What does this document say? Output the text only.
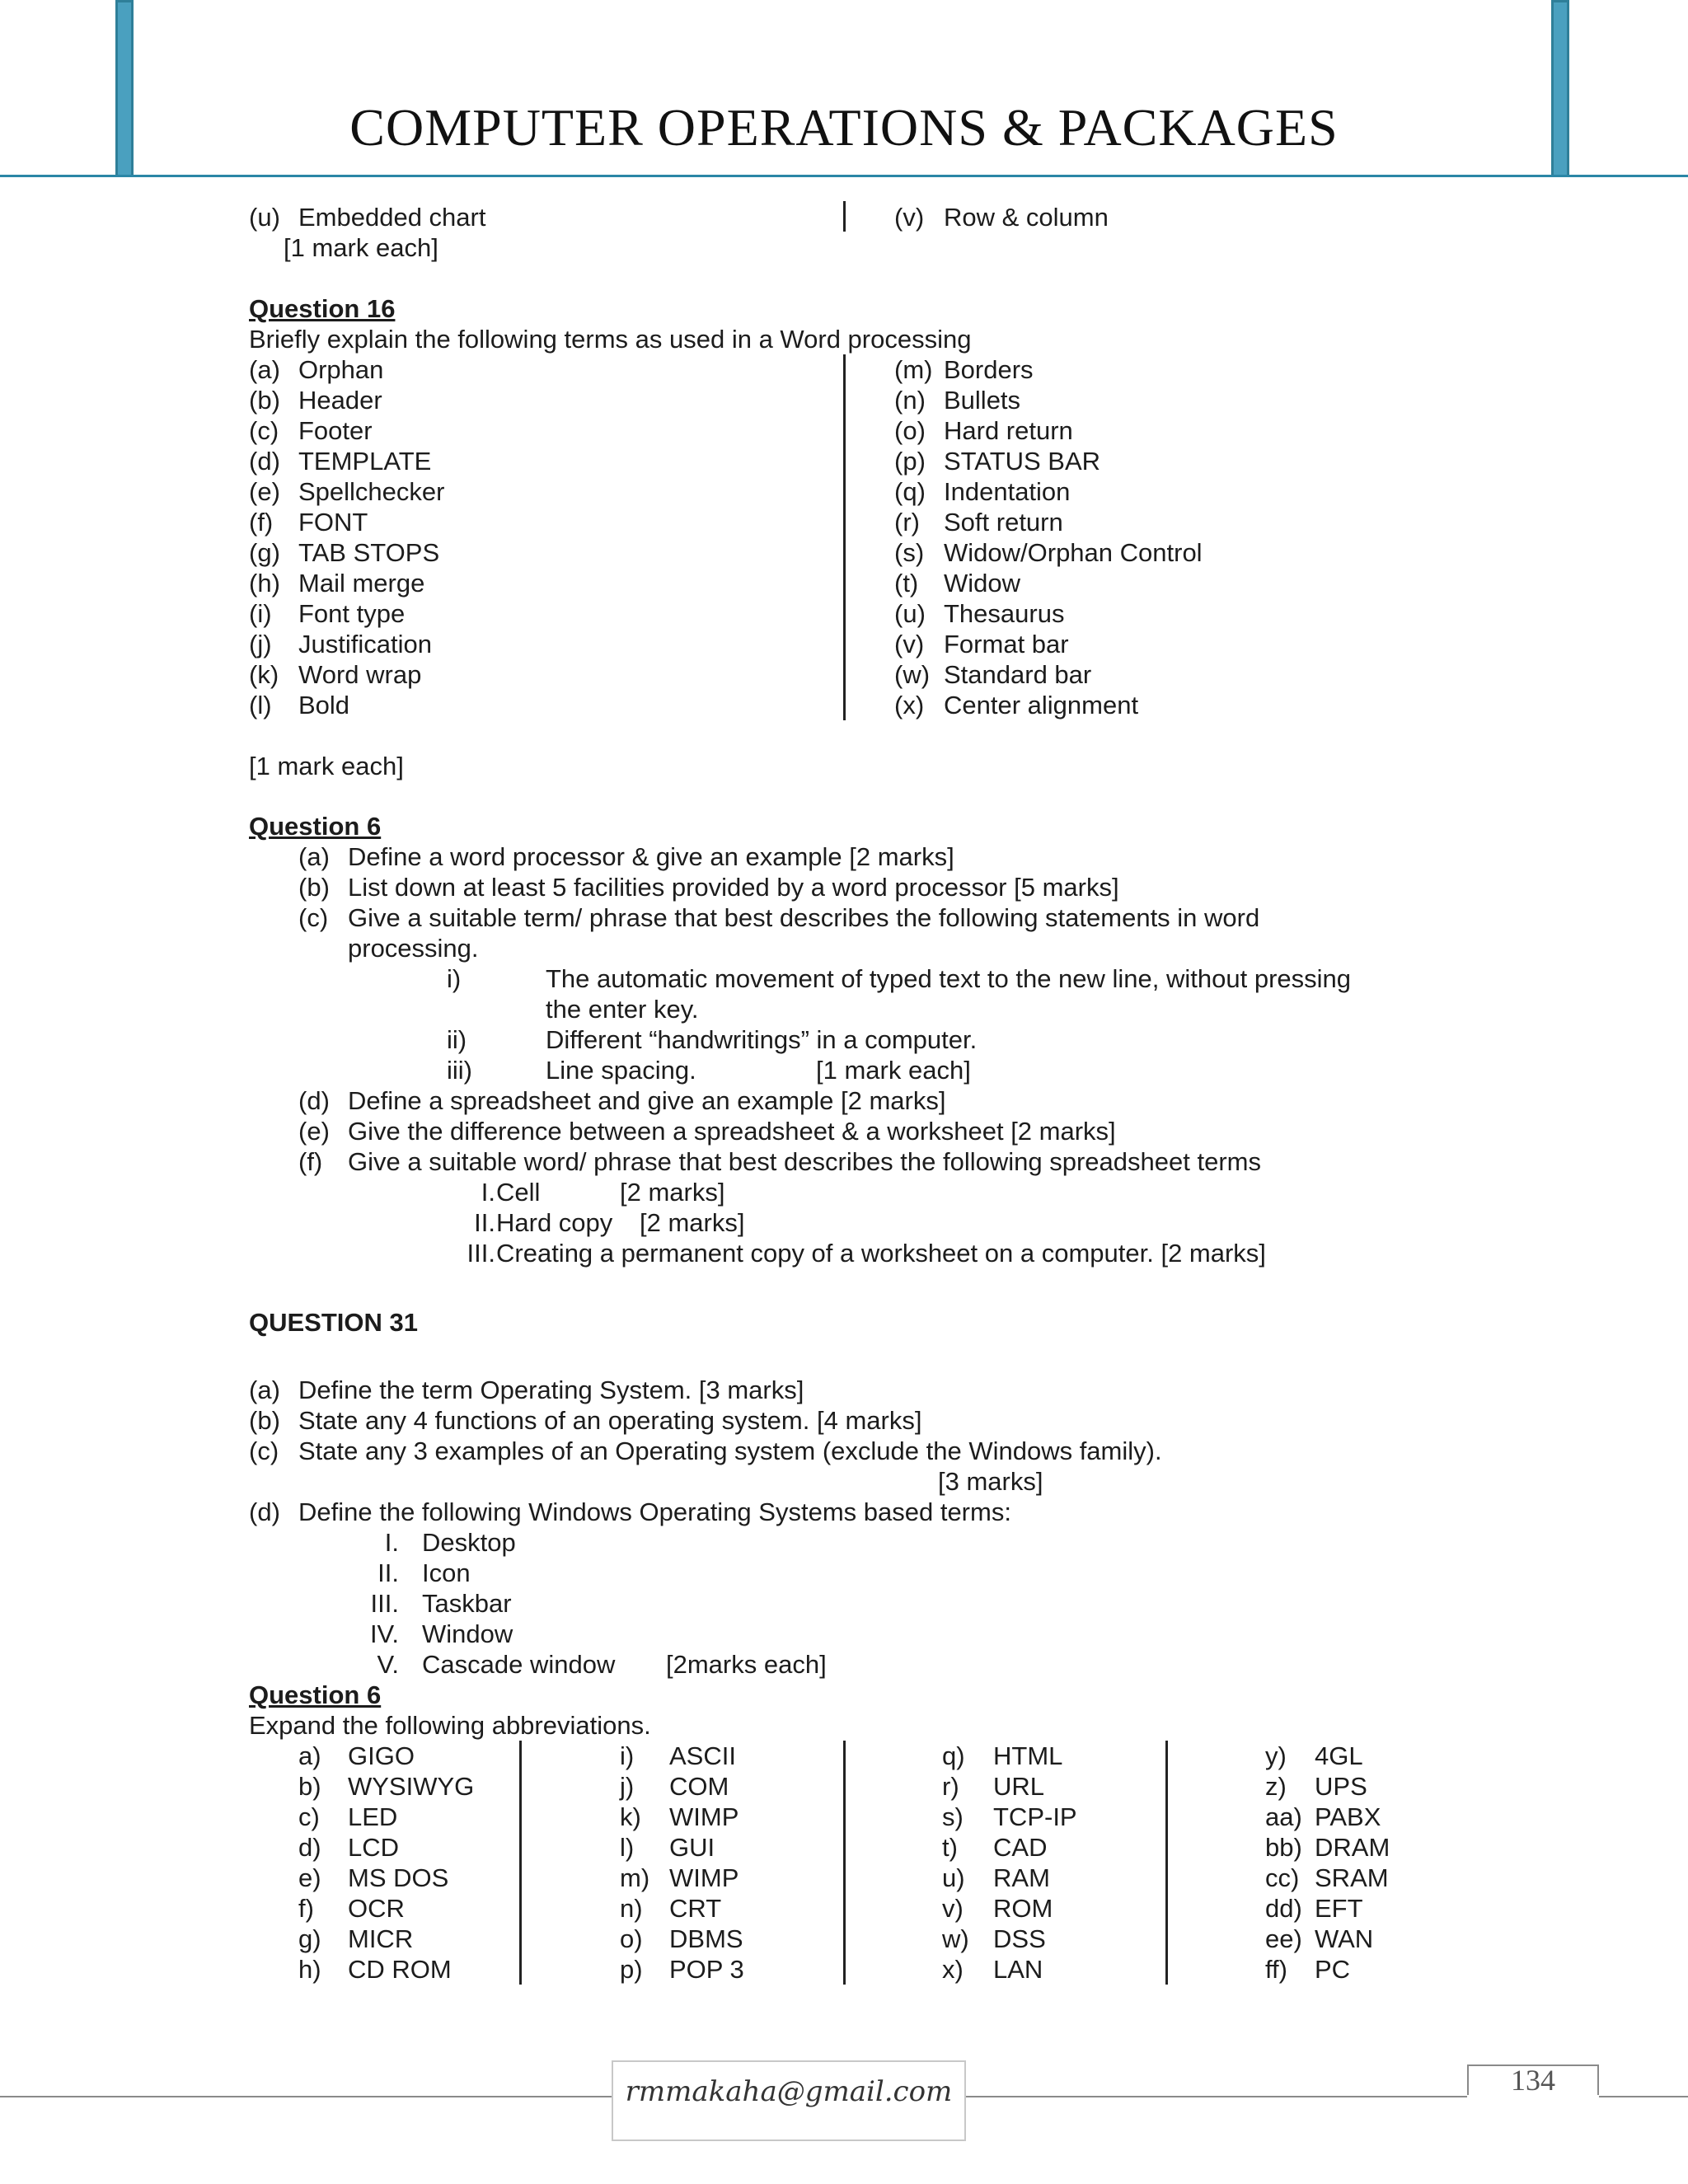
COMPUTER OPERATIONS & PACKAGES
(u) Embedded chart	(v) Row & column
[1 mark each]
Question 16
Briefly explain the following terms as used in a Word processing
(a) Orphan
(b) Header
(c) Footer
(d) TEMPLATE
(e) Spellchecker
(f) FONT
(g) TAB STOPS
(h) Mail merge
(i) Font type
(j) Justification
(k) Word wrap
(l) Bold
(m) Borders
(n) Bullets
(o) Hard return
(p) STATUS BAR
(q) Indentation
(r) Soft return
(s) Widow/Orphan Control
(t) Widow
(u) Thesaurus
(v) Format bar
(w) Standard bar
(x) Center alignment
[1 mark each]
Question 6
(a) Define a word processor & give an example [2 marks]
(b) List down at least 5 facilities provided by a word processor [5 marks]
(c) Give a suitable term/ phrase that best describes the following statements in word
processing.
i)	The automatic movement of typed text to the new line, without pressing
the enter key.
ii)	Different “handwritings” in a computer.
iii)	Line spacing.	[1 mark each]
(d) Define a spreadsheet and give an example [2 marks]
(e) Give the difference between a spreadsheet & a worksheet [2 marks]
(f) Give a suitable word/ phrase that best describes the following spreadsheet terms
I. Cell	[2 marks]
II. Hard copy [2 marks]
III. Creating a permanent copy of a worksheet on a computer. [2 marks]
QUESTION 31
(a) Define the term Operating System. [3 marks]
(b) State any 4 functions of an operating system. [4 marks]
(c) State any 3 examples of an Operating system (exclude the Windows family).
[3 marks]
(d) Define the following Windows Operating Systems based terms:
I. Desktop
II. Icon
III. Taskbar
IV. Window
V. Cascade window [2marks each]
Question 6
Expand the following abbreviations.
a) GIGO
b) WYSIWYG
c) LED
d) LCD
e) MS DOS
f) OCR
g) MICR
h) CD ROM
i) ASCII
j) COM
k) WIMP
l) GUI
m) WIMP
n) CRT
o) DBMS
p) POP 3
q) HTML
r) URL
s) TCP-IP
t) CAD
u) RAM
v) ROM
w) DSS
x) LAN
y) 4GL
z) UPS
aa) PABX
bb) DRAM
cc) SRAM
dd) EFT
ee) WAN
ff) PC
rmmakaha@gmail.com	134
